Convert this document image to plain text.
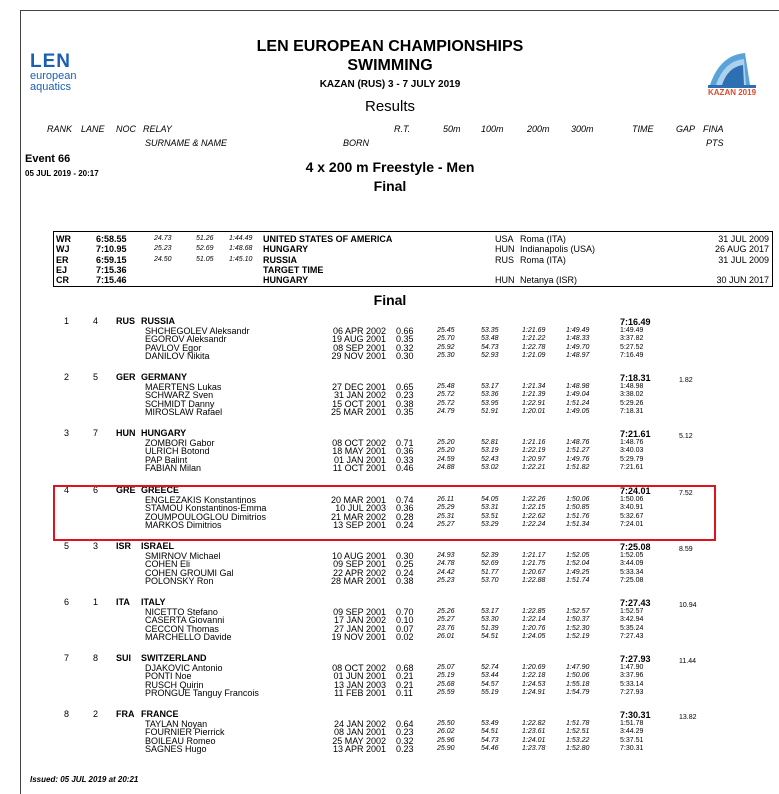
LEN
european
aquatics
LEN EUROPEAN CHAMPIONSHIPS
SWIMMING
KAZAN (RUS) 3 - 7 JULY 2019
Results
KAZAN 2019
RANK LANE NOC RELAY
SURNAME & NAME	BORN
R.T.	50m 100m	200m 300m	TIME	GAP FINA
PTS
Event 66
05 JUL 2019 - 20:17	4 x 200 m Freestyle - Men
Final
WR	6:58.55	24.73	51.26 1:44.49 UNITED STATES OF AMERICA	USA Roma (ITA)	31 JUL 2009
WJ	7:10.95	25.23	52.69 1:48.68 HUNGARY	HUN Indianapolis (USA)	26 AUG 2017
ER	6:59.15	24.50	51.05 1:45.10 RUSSIA	RUS Roma (ITA)	31 JUL 2009
EJ	7:15.36	TARGET TIME
CR	7:15.46	HUNGARY	HUN Netanya (ISR)	30 JUN 2017
Final
1	4 RUS RUSSIA	7:16.49
SHCHEGOLEV Aleksandr	06 APR 2002 0.66	25.45	53.35	1:21.69	1:49.49	1:49.49
EGOROV Aleksandr	19 AUG 2001 0.35	25.70	53.48	1:21.22	1:48.33	3:37.82
PAVLOV Egor	08 SEP 2001 0.32	25.92	54.73	1:22.78	1:49.70	5:27.52
DANILOV Nikita	29 NOV 2001 0.30	25.30	52.93	1:21.09	1:48.97	7:16.49
2	5 GER GERMANY	7:18.31	1.82
MAERTENS Lukas	27 DEC 2001 0.65	25.48	53.17	1:21.34	1:48.98	1:48.98
SCHWARZ Sven	31 JAN 2002 0.23	25.72	53.36	1:21.39	1:49.04	3:38.02
SCHMIDT Danny	15 OCT 2001 0.38	25.72	53.95	1:22.91	1:51.24	5:29.26
MIROSLAW Rafael	25 MAR 2001 0.35	24.79	51.91	1:20.01	1:49.05	7:18.31
3	7 HUN HUNGARY	7:21.61	5.12
ZOMBORI Gabor	08 OCT 2002 0.71	25.20	52.81	1:21.16	1:48.76	1:48.76
ULRICH Botond	18 MAY 2001 0.36	25.20	53.19	1:22.19	1:51.27	3:40.03
PAP Balint	01 JAN 2001 0.33	24.59	52.43	1:20.97	1:49.76	5:29.79
FABIAN Milan	11 OCT 2001 0.46	24.88	53.02	1:22.21	1:51.82	7:21.61
4	6 GRE GREECE	7:24.01	7.52
ENGLEZAKIS Konstantinos	20 MAR 2001 0.74	26.11	54.05	1:22.26	1:50.06	1:50.06
STAMOU Konstantinos-Emma	10 JUL 2003 0.36	25.29	53.31	1:22.15	1:50.85	3:40.91
ZOUMPOULOGLOU Dimitrios	21 MAR 2002 0.28	25.31	53.51	1:22.62	1:51.76	5:32.67
MARKOS Dimitrios	13 SEP 2001 0.24	25.27	53.29	1:22.24	1:51.34	7:24.01
5	3 ISR ISRAEL	7:25.08	8.59
SMIRNOV Michael	10 AUG 2001 0.30	24.93	52.39	1:21.17	1:52.05	1:52.05
COHEN Eli	09 SEP 2001 0.25	24.78	52.69	1:21.75	1:52.04	3:44.09
COHEN GROUMI Gal	22 APR 2002 0.24	24.42	51.77	1:20.67	1:49.25	5:33.34
POLONSKY Ron	28 MAR 2001 0.38	25.23	53.70	1:22.88	1:51.74	7:25.08
6	1 ITA ITALY	7:27.43	10.94
NICETTO Stefano	09 SEP 2001 0.70	25.26	53.17	1:22.85	1:52.57	1:52.57
CASERTA Giovanni	17 JAN 2002 0.10	25.27	53.30	1:22.14	1:50.37	3:42.94
CECCON Thomas	27 JAN 2001 0.07	23.76	51.39	1:20.76	1:52.30	5:35.24
MARCHELLO Davide	19 NOV 2001 0.02	26.01	54.51	1:24.05	1:52.19	7:27.43
7	8 SUI SWITZERLAND	7:27.93	11.44
DJAKOVIC Antonio	08 OCT 2002 0.68	25.07	52.74	1:20.69	1:47.90	1:47.90
PONTI Noe	01 JUN 2001 0.21	25.19	53.44	1:22.18	1:50.06	3:37.96
RUSCH Quirin	13 JAN 2003 0.21	25.68	54.57	1:24.53	1:55.18	5:33.14
PRONGUE Tanguy Francois	11 FEB 2001 0.11	25.59	55.19	1:24.91	1:54.79	7:27.93
8	2 FRA FRANCE	7:30.31	13.82
TAYLAN Noyan	24 JAN 2002 0.64	25.50	53.49	1:22.82	1:51.78	1:51.78
FOURNIER Pierrick	08 JAN 2001 0.23	26.02	54.51	1:23.61	1:52.51	3:44.29
BOILEAU Romeo	25 MAY 2002 0.32	25.96	54.73	1:24.01	1:53.22	5:37.51
SAGNES Hugo	13 APR 2001 0.23	25.90	54.46	1:23.78	1:52.80	7:30.31
Issued: 05 JUL 2019 at 20:21
